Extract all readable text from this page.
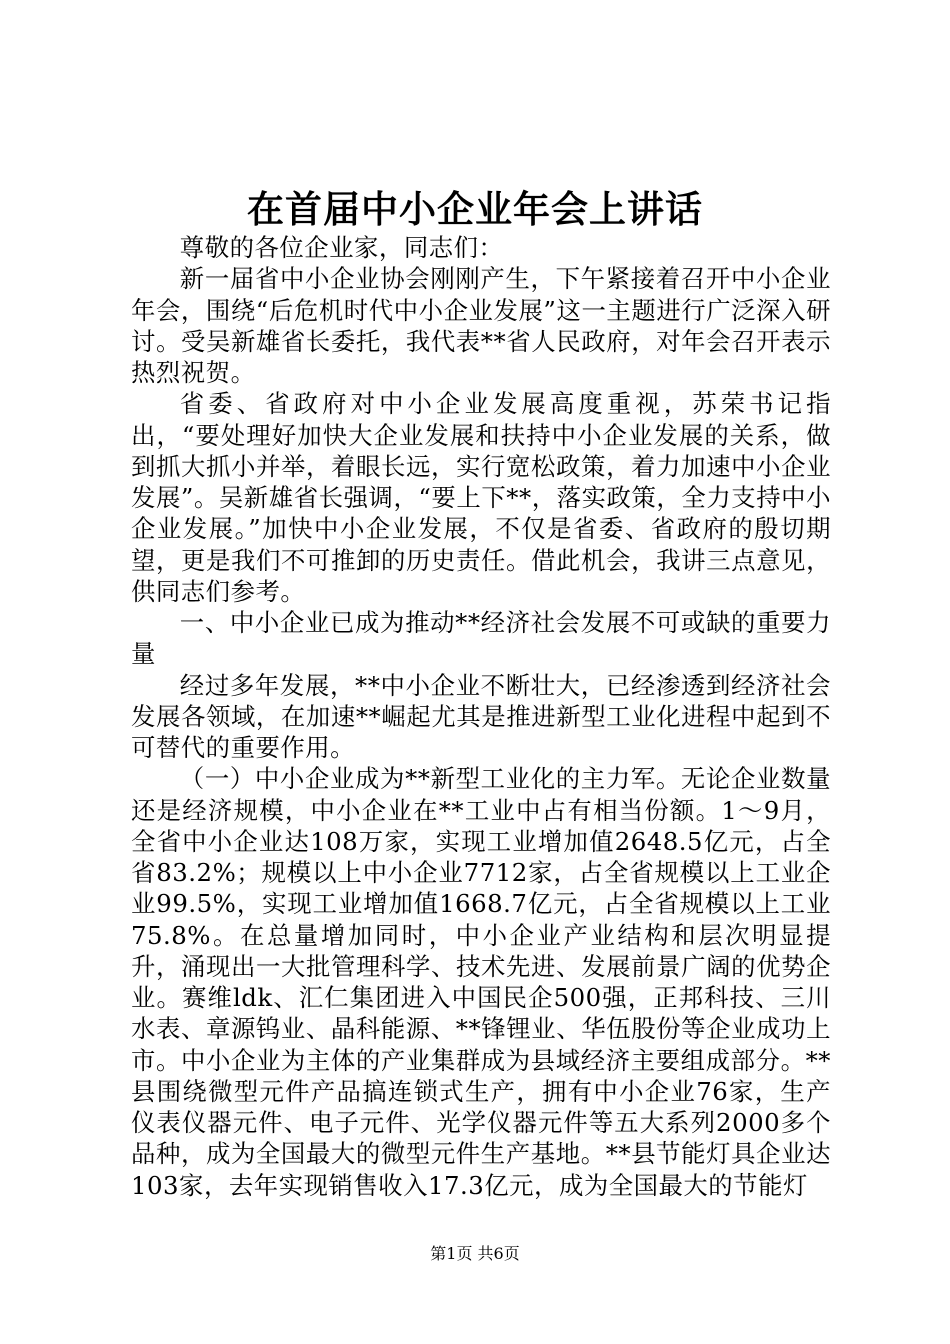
在首届中小企业年会上讲话

尊敬的各位企业家，同志们：

新一届省中小企业协会刚刚产生，下午紧接着召开中小企业年会，围绕“后危机时代中小企业发展”这一主题进行广泛深入研讨。受吴新雄省长委托，我代表**省人民政府，对年会召开表示热烈祝贺。

省委、省政府对中小企业发展高度重视，苏荣书记指出，“要处理好加快大企业发展和扶持中小企业发展的关系，做到抓大抓小并举，着眼长远，实行宽松政策，着力加速中小企业发展”。吴新雄省长强调，“要上下**，落实政策，全力支持中小企业发展。”加快中小企业发展，不仅是省委、省政府的殷切期望，更是我们不可推卸的历史责任。借此机会，我讲三点意见，供同志们参考。

一、中小企业已成为推动**经济社会发展不可或缺的重要力量

经过多年发展，**中小企业不断壮大，已经渗透到经济社会发展各领域，在加速**崛起尤其是推进新型工业化进程中起到不可替代的重要作用。

（一）中小企业成为**新型工业化的主力军。无论企业数量还是经济规模，中小企业在**工业中占有相当份额。1～9月，全省中小企业达108万家，实现工业增加值2648.5亿元，占全省83.2%；规模以上中小企业7712家，占全省规模以上工业企业99.5%，实现工业增加值1668.7亿元，占全省规模以上工业75.8%。在总量增加同时，中小企业产业结构和层次明显提升，涌现出一大批管理科学、技术先进、发展前景广阔的优势企业。赛维ldk、汇仁集团进入中国民企500强，正邦科技、三川水表、章源钨业、晶科能源、**锋锂业、华伍股份等企业成功上市。中小企业为主体的产业集群成为县域经济主要组成部分。**县围绕微型元件产品搞连锁式生产，拥有中小企业76家，生产仪表仪器元件、电子元件、光学仪器元件等五大系列2000多个品种，成为全国最大的微型元件生产基地。**县节能灯具企业达103家，去年实现销售收入17.3亿元，成为全国最大的节能灯

第1页 共6页
